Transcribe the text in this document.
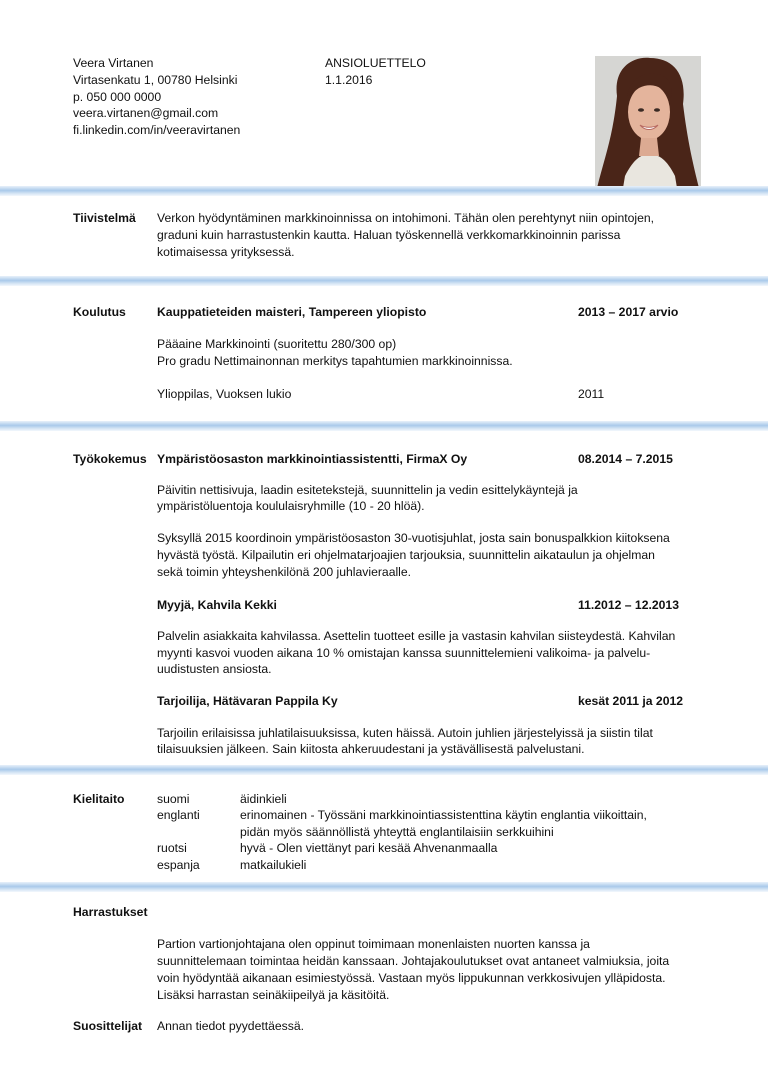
Veera Virtanen
Virtasenkatu 1, 00780 Helsinki
p. 050 000 0000
veera.virtanen@gmail.com
fi.linkedin.com/in/veeravirtanen
ANSIOLUETTELO
1.1.2016
Tiivistelmä Verkon hyödyntäminen markkinoinnissa on intohimoni. Tähän olen perehtynyt niin opintojen,
graduni kuin harrastustenkin kautta. Haluan työskennellä verkkomarkkinoinnin parissa
kotimaisessa yrityksessä.
Koulutus	Kauppatieteiden maisteri, Tampereen yliopisto	2013 – 2017 arvio
Pääaine Markkinointi (suoritettu 280/300 op)
Pro gradu Nettimainonnan merkitys tapahtumien markkinoinnissa.
Ylioppilas, Vuoksen lukio	2011
Työkokemus Ympäristöosaston markkinointiassistentti, FirmaX Oy	08.2014 – 7.2015
Päivitin nettisivuja, laadin esitetekstejä, suunnittelin ja vedin esittelykäyntejä ja
ympäristöluentoja koululaisryhmille (10 - 20 hlöä).
Syksyllä 2015 koordinoin ympäristöosaston 30-vuotisjuhlat, josta sain bonuspalkkion kiitoksena
hyvästä työstä. Kilpailutin eri ohjelmatarjoajien tarjouksia, suunnittelin aikataulun ja ohjelman
sekä toimin yhteyshenkilönä 200 juhlavieraalle.
Myyjä, Kahvila Kekki	11.2012 – 12.2013
Palvelin asiakkaita kahvilassa. Asettelin tuotteet esille ja vastasin kahvilan siisteydestä. Kahvilan
myynti kasvoi vuoden aikana 10 % omistajan kanssa suunnittelemieni valikoima- ja palvelu-
uudistusten ansiosta.
Tarjoilija, Hätävaran Pappila Ky	kesät 2011 ja 2012
Tarjoilin erilaisissa juhlatilaisuuksissa, kuten häissä. Autoin juhlien järjestelyissä ja siistin tilat
tilaisuuksien jälkeen. Sain kiitosta ahkeruudestani ja ystävällisestä palvelustani.
Kielitaito	suomi	äidinkieli
englanti	erinomainen - Työssäni markkinointiassistenttina käytin englantia viikoittain,
pidän myös säännöllistä yhteyttä englantilaisiin serkkuihini
ruotsi	hyvä - Olen viettänyt pari kesää Ahvenanmaalla
espanja	matkailukieli
Harrastukset
Partion vartionjohtajana olen oppinut toimimaan monenlaisten nuorten kanssa ja
suunnittelemaan toimintaa heidän kanssaan. Johtajakoulutukset ovat antaneet valmiuksia, joita
voin hyödyntää aikanaan esimiestyössä. Vastaan myös lippukunnan verkkosivujen ylläpidosta.
Lisäksi harrastan seinäkiipeilyä ja käsitöitä.
Suosittelijat Annan tiedot pyydettäessä.
